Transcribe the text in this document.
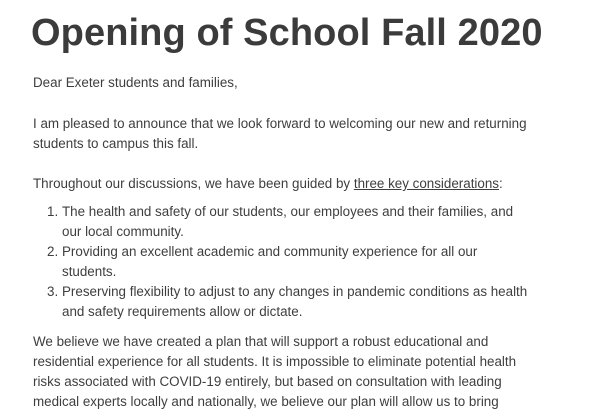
Opening of School Fall 2020

Dear Exeter students and families,

I am pleased to announce that we look forward to welcoming our new and returning
students to campus this fall.

Throughout our discussions, we have been guided by three key considerations:

1. The health and safety of our students, our employees and their families, and
our local community.
2. Providing an excellent academic and community experience for all our
students.
3. Preserving flexibility to adjust to any changes in pandemic conditions as health
and safety requirements allow or dictate.

We believe we have created a plan that will support a robust educational and
residential experience for all students. It is impossible to eliminate potential health
risks associated with COVID-19 entirely, but based on consultation with leading
medical experts locally and nationally, we believe our plan will allow us to bring
